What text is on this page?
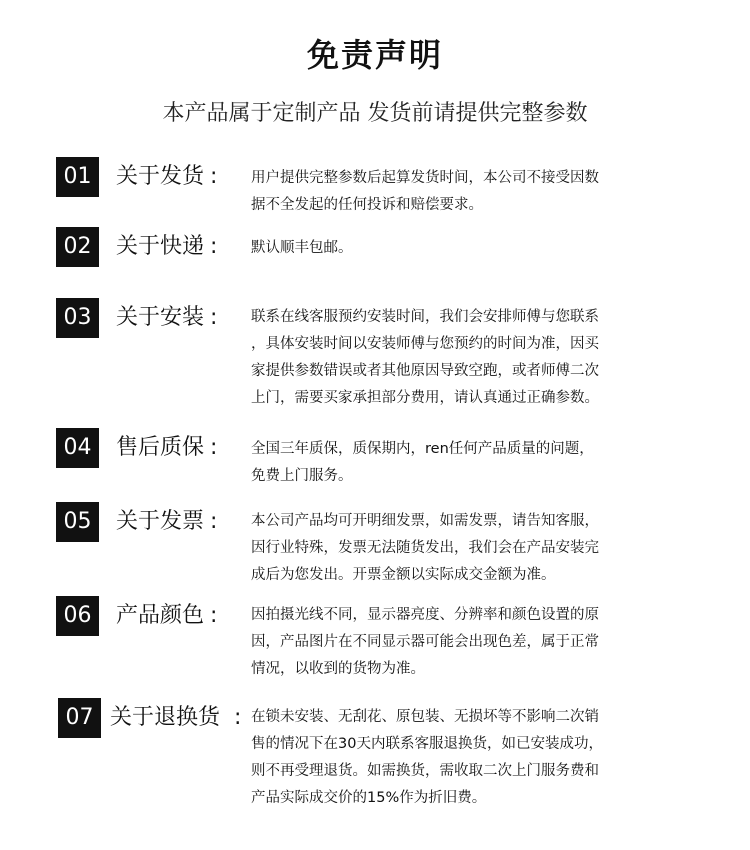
免责声明
本产品属于定制产品 发货前请提供完整参数
01	关于发货 : 用户提供完整参数后起算发货时间，本公司不接受因数
据不全发起的任何投诉和赔偿要求。
02	关于快递 : 默认顺丰包邮。
03	关于安装 : 联系在线客服预约安装时间，我们会安排师傅与您联系
，具体安装时间以安装师傅与您预约的时间为准，因买
家提供参数错误或者其他原因导致空跑，或者师傅二次
上门，需要买家承担部分费用，请认真通过正确参数。
04	售后质保 : 全国三年质保，质保期内，ren任何产品质量的问题，
免费上门服务。
05	关于发票 : 本公司产品均可开明细发票，如需发票，请告知客服，
因行业特殊，发票无法随货发出，我们会在产品安装完
成后为您发出。开票金额以实际成交金额为准。
06	产品颜色 : 因拍摄光线不同，显示器亮度、分辨率和颜色设置的原
因，产品图片在不同显示器可能会出现色差，属于正常
情况，以收到的货物为准。
07 关于退换货 : 在锁未安装、无刮花、原包装、无损坏等不影响二次销
售的情况下在30天内联系客服退换货，如已安装成功，
则不再受理退货。如需换货，需收取二次上门服务费和
产品实际成交价的15%作为折旧费。
